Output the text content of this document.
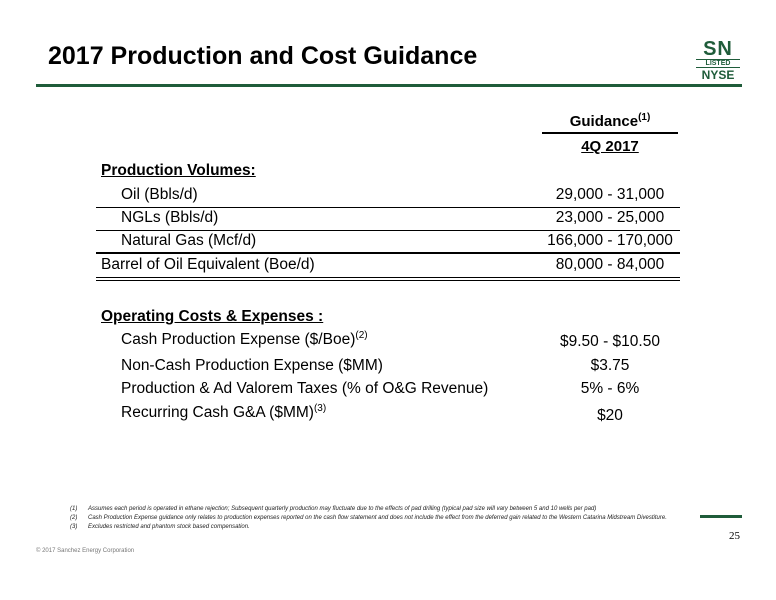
2017 Production and Cost Guidance	SN
LISTED
NYSE
Guidance$^{(1)}$
4Q 2017
Production Volumes:
Oil (Bbls/d)	29,000 - 31,000
NGLs (Bbls/d)	23,000 - 25,000
Natural Gas (Mcf/d)	166,000 - 170,000
Barrel of Oil Equivalent (Boe/d)	80,000 - 84,000
Operating Costs & Expenses :
Cash Production Expense ($/Boe)$^{(2)}$	$9.50 - $10.50
Non-Cash Production Expense ($MM)	$3.75
Production & Ad Valorem Taxes (% of O&G Revenue)	5% - 6%
Recurring Cash G&A ($MM)$^{(3)}$	$20
(1)	Assumes each period is operated in ethane rejection; Subsequent quarterly production may fluctuate due to the effects of pad drilling (typical pad size will vary between 5 and 10 wells per pad)
(2)	Cash Production Expense guidance only relates to production expenses reported on the cash flow statement and does not include the effect from the deferred gain related to the Western Catarina Midstream Divestiture.
(3)	Excludes restricted and phantom stock based compensation.
25
© 2017 Sanchez Energy Corporation
